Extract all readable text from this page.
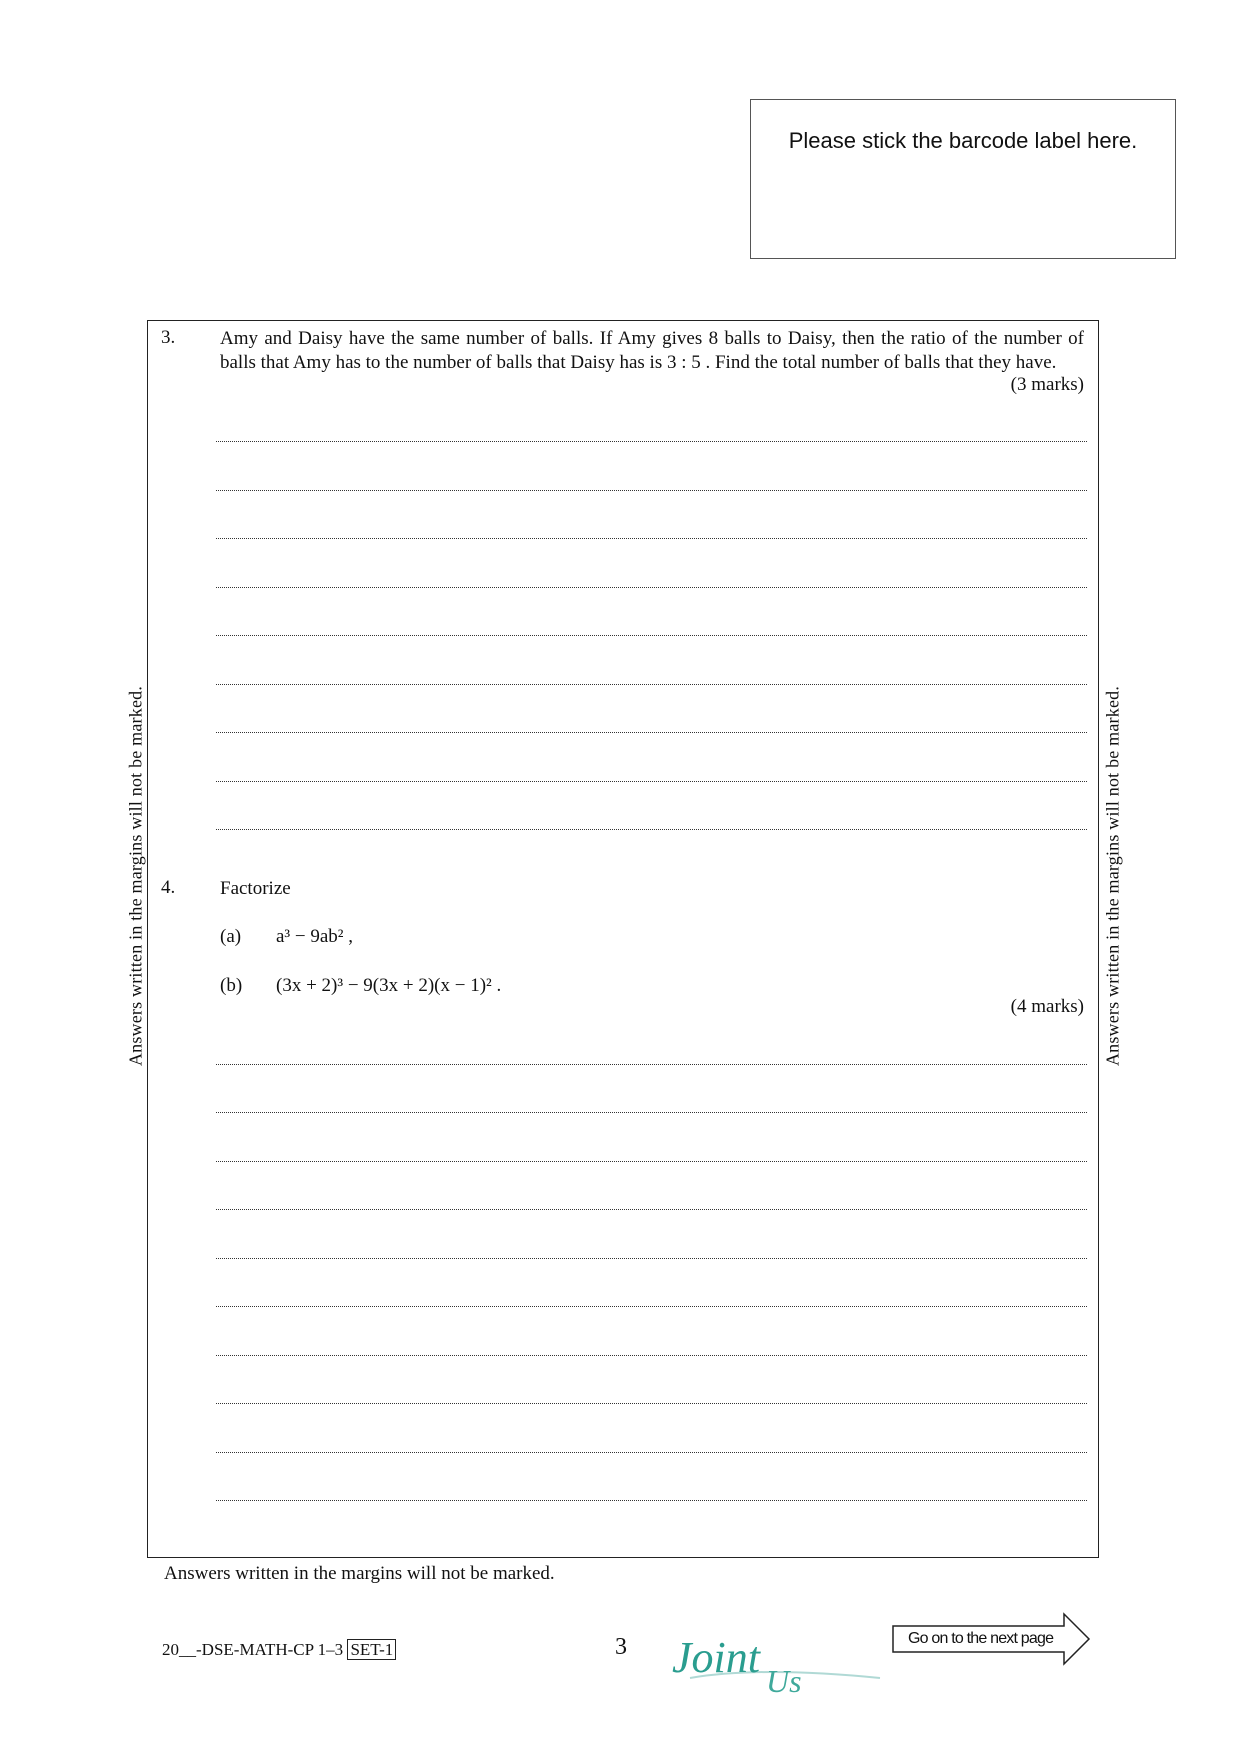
Please stick the barcode label here.
Answers written in the margins will not be marked.	Answers written in the margins will not be marked.
3. Amy and Daisy have the same number of balls. If Amy gives 8 balls to Daisy, then the ratio of the number of balls that Amy has to the number of balls that Daisy has is 3 : 5 . Find the total number of balls that they have.
(3 marks)
4. Factorize
(a) a³ − 9ab² ,
(b) (3x + 2)³ − 9(3x + 2)(x − 1)² .
(4 marks)
Answers written in the margins will not be marked.
20__-DSE-MATH-CP 1–3 SET-1	3 Joint Us
Go on to the next page
